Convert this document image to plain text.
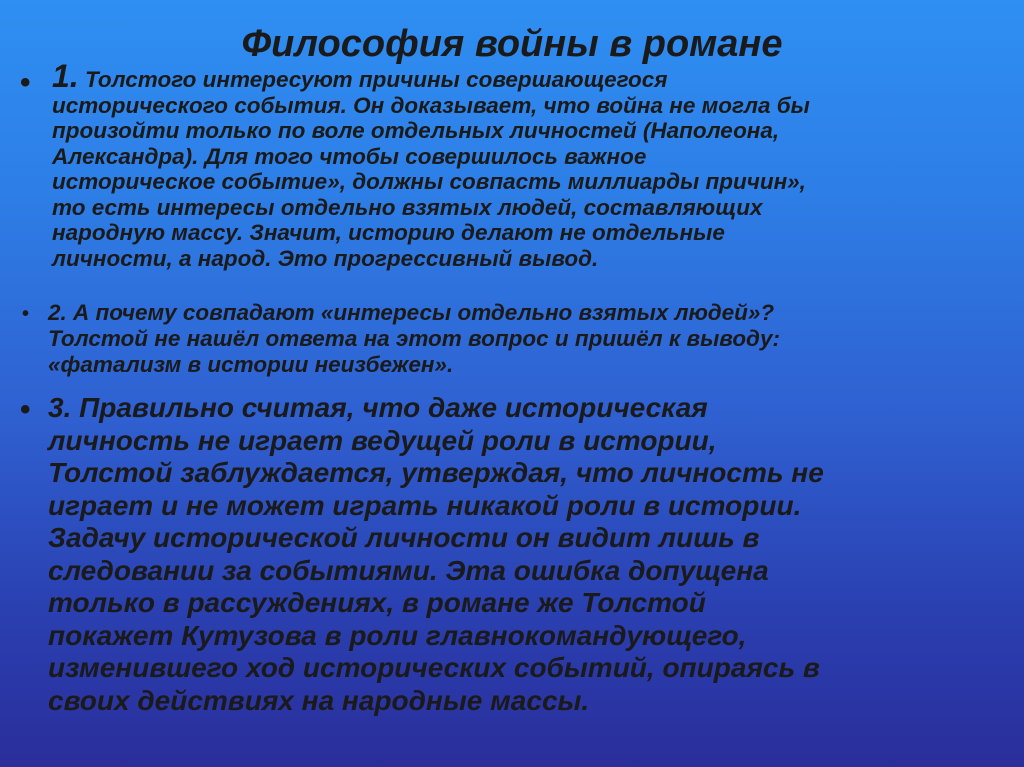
Философия войны в романе
• 1. Толстого интересуют причины совершающегося
исторического события. Он доказывает, что война не могла бы
произойти только по воле отдельных личностей (Наполеона,
Александра). Для того чтобы совершилось важное
историческое событие», должны совпасть миллиарды причин»,
то есть интересы отдельно взятых людей, составляющих
народную массу. Значит, историю делают не отдельные
личности, а народ. Это прогрессивный вывод.
• 2. А почему совпадают «интересы отдельно взятых людей»?
Толстой не нашёл ответа на этот вопрос и пришёл к выводу:
«фатализм в истории неизбежен».
• 3. Правильно считая, что даже историческая
личность не играет ведущей роли в истории,
Толстой заблуждается, утверждая, что личность не
играет и не может играть никакой роли в истории.
Задачу исторической личности он видит лишь в
следовании за событиями. Эта ошибка допущена
только в рассуждениях, в романе же Толстой
покажет Кутузова в роли главнокомандующего,
изменившего ход исторических событий, опираясь в
своих действиях на народные массы.
